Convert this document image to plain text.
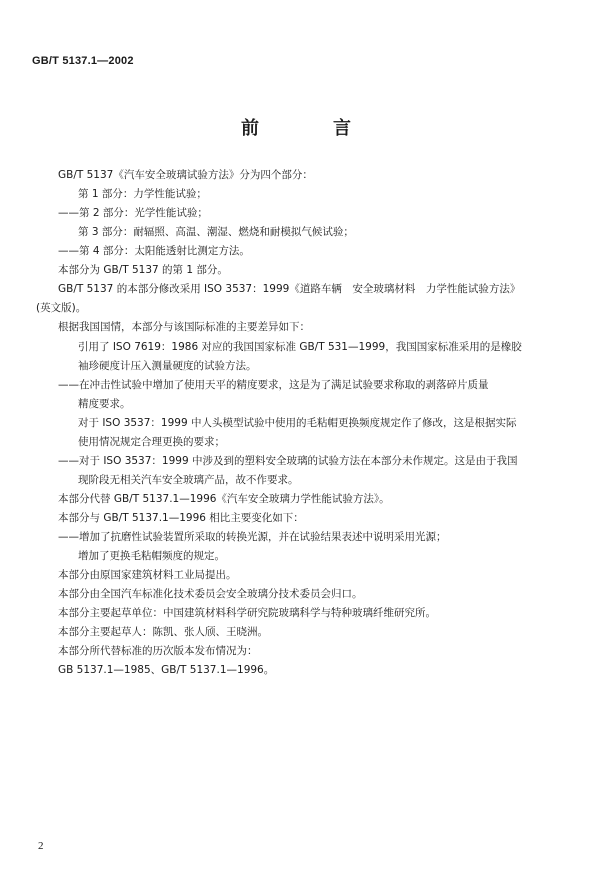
GB/T 5137.1—2002
前　言
GB/T 5137《汽车安全玻璃试验方法》分为四个部分：
第 1 部分：力学性能试验；
——第 2 部分：光学性能试验；
第 3 部分：耐辐照、高温、潮湿、燃烧和耐模拟气候试验；
——第 4 部分：太阳能透射比测定方法。
本部分为 GB/T 5137 的第 1 部分。
GB/T 5137 的本部分修改采用 ISO 3537：1999《道路车辆　安全玻璃材料　力学性能试验方法》
(英文版)。
根据我国国情，本部分与该国际标准的主要差异如下：
引用了 ISO 7619：1986 对应的我国国家标准 GB/T 531—1999，我国国家标准采用的是橡胶
袖珍硬度计压入测量硬度的试验方法。
——在冲击性试验中增加了使用天平的精度要求，这是为了满足试验要求称取的剥落碎片质量
精度要求。
对于 ISO 3537：1999 中人头模型试验中使用的毛粘帽更换频度规定作了修改，这是根据实际
使用情况规定合理更换的要求；
——对于 ISO 3537：1999 中涉及到的塑料安全玻璃的试验方法在本部分未作规定。这是由于我国
现阶段无相关汽车安全玻璃产品，故不作要求。
本部分代替 GB/T 5137.1—1996《汽车安全玻璃力学性能试验方法》。
本部分与 GB/T 5137.1—1996 相比主要变化如下：
——增加了抗磨性试验装置所采取的转换光源，并在试验结果表述中说明采用光源；
增加了更换毛粘帽频度的规定。
本部分由原国家建筑材料工业局提出。
本部分由全国汽车标准化技术委员会安全玻璃分技术委员会归口。
本部分主要起草单位：中国建筑材料科学研究院玻璃科学与特种玻璃纤维研究所。
本部分主要起草人：陈凯、张人颀、王晓洲。
本部分所代替标准的历次版本发布情况为：
GB 5137.1—1985、GB/T 5137.1—1996。
2
